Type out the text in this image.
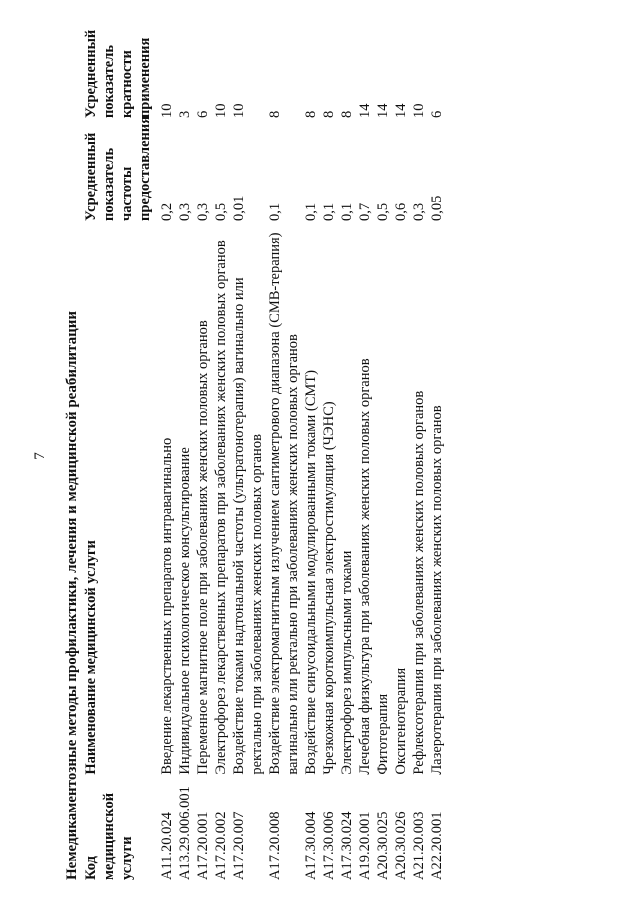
7 Немедикаментозные методы профилактики, лечения и медицинской реабилитации Код медицинской услуги	Наименование медицинской услуги	Усредненный показатель частоты предоставления	Усредненный показатель кратности применения
A11.20.024	Введение лекарственных препаратов интравагинально	0,2	10
A13.29.006.001	Индивидуальное психологическое консультирование	0,3	3
A17.20.001	Переменное магнитное поле при заболеваниях женских половых органов	0,3	6
A17.20.002	Электрофорез лекарственных препаратов при заболеваниях женских половых органов	0,5	10
A17.20.007	Воздействие токами надтональной частоты (ультратонотерапия) вагинально или ректально при заболеваниях женских половых органов	0,01	10
A17.20.008	Воздействие электромагнитным излучением сантиметрового диапазона (СМВ-терапия) вагинально или ректально при заболеваниях женских половых органов	0,1	8
A17.30.004	Воздействие синусоидальными модулированными токами (СМТ)	0,1	8
A17.30.006	Чрезкожная короткоимпульсная электростимуляция (ЧЭНС)	0,1	8
A17.30.024	Электрофорез импульсными токами	0,1	8
A19.20.001	Лечебная физкультура при заболеваниях женских половых органов	0,7	14
A20.30.025	Фитотерапия	0,5	14
A20.30.026	Оксигенотерапия	0,6	14
A21.20.003	Рефлексотерапия при заболеваниях женских половых органов	0,3	10
A22.20.001	Лазеротерапия при заболеваниях женских половых органов	0,05	6
